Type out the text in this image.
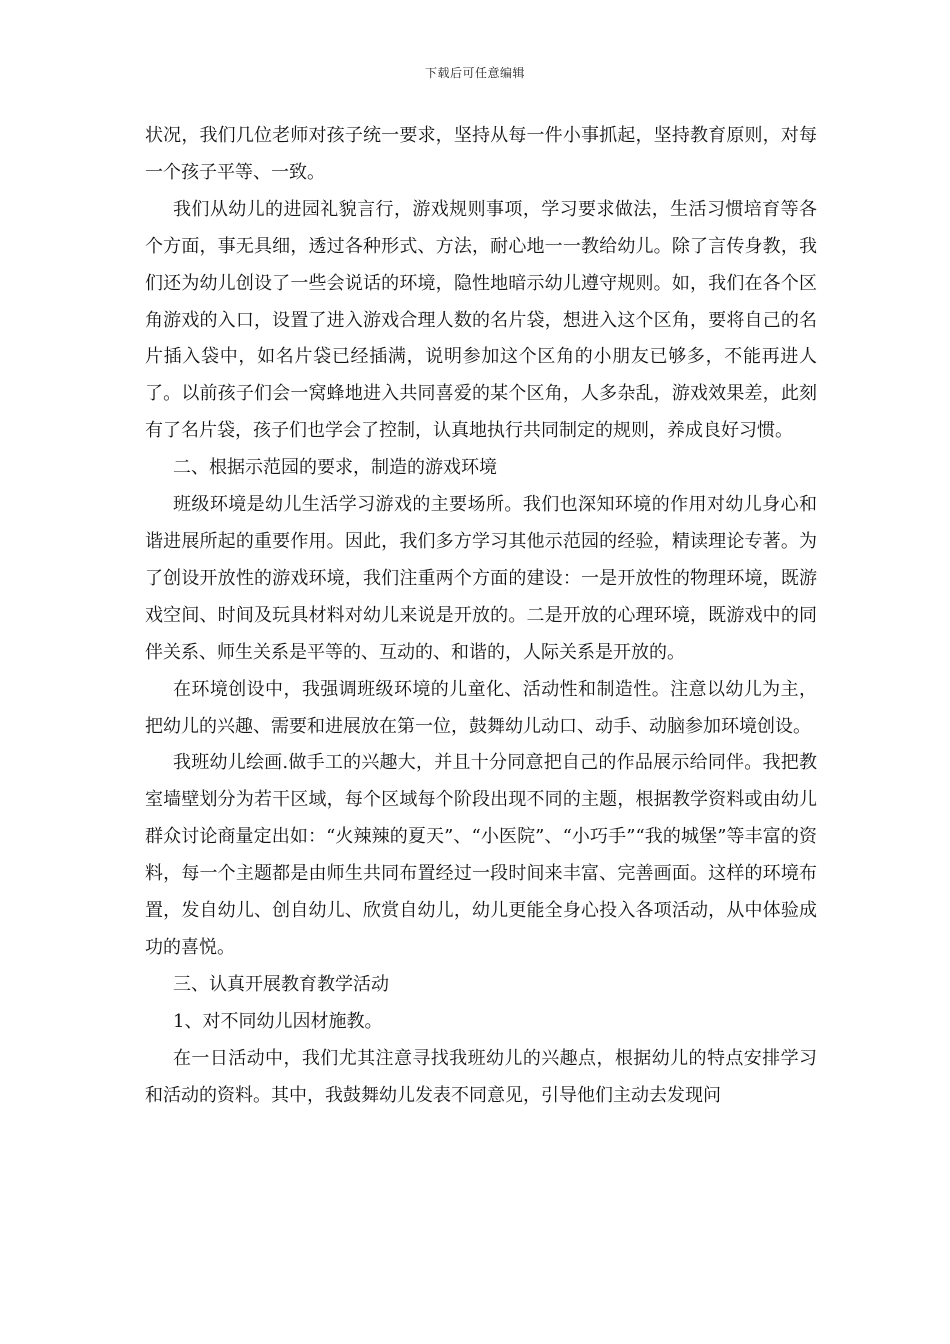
下载后可任意编辑

状况，我们几位老师对孩子统一要求，坚持从每一件小事抓起，坚持教育原则，对每一个孩子平等、一致。

我们从幼儿的进园礼貌言行，游戏规则事项，学习要求做法，生活习惯培育等各个方面，事无具细，透过各种形式、方法，耐心地一一教给幼儿。除了言传身教，我们还为幼儿创设了一些会说话的环境，隐性地暗示幼儿遵守规则。如，我们在各个区角游戏的入口，设置了进入游戏合理人数的名片袋，想进入这个区角，要将自己的名片插入袋中，如名片袋已经插满，说明参加这个区角的小朋友已够多，不能再进人了。以前孩子们会一窝蜂地进入共同喜爱的某个区角，人多杂乱，游戏效果差，此刻有了名片袋，孩子们也学会了控制，认真地执行共同制定的规则，养成良好习惯。

二、根据示范园的要求，制造的游戏环境

班级环境是幼儿生活学习游戏的主要场所。我们也深知环境的作用对幼儿身心和谐进展所起的重要作用。因此，我们多方学习其他示范园的经验，精读理论专著。为了创设开放性的游戏环境，我们注重两个方面的建设：一是开放性的物理环境，既游戏空间、时间及玩具材料对幼儿来说是开放的。二是开放的心理环境，既游戏中的同伴关系、师生关系是平等的、互动的、和谐的，人际关系是开放的。

在环境创设中，我强调班级环境的儿童化、活动性和制造性。注意以幼儿为主，把幼儿的兴趣、需要和进展放在第一位，鼓舞幼儿动口、动手、动脑参加环境创设。

我班幼儿绘画.做手工的兴趣大，并且十分同意把自己的作品展示给同伴。我把教室墙壁划分为若干区域，每个区域每个阶段出现不同的主题，根据教学资料或由幼儿群众讨论商量定出如：“火辣辣的夏天”、“小医院”、“小巧手”“我的城堡”等丰富的资料，每一个主题都是由师生共同布置经过一段时间来丰富、完善画面。这样的环境布置，发自幼儿、创自幼儿、欣赏自幼儿，幼儿更能全身心投入各项活动，从中体验成功的喜悦。

三、认真开展教育教学活动

1、对不同幼儿因材施教。

在一日活动中，我们尤其注意寻找我班幼儿的兴趣点，根据幼儿的特点安排学习和活动的资料。其中，我鼓舞幼儿发表不同意见，引导他们主动去发现问
